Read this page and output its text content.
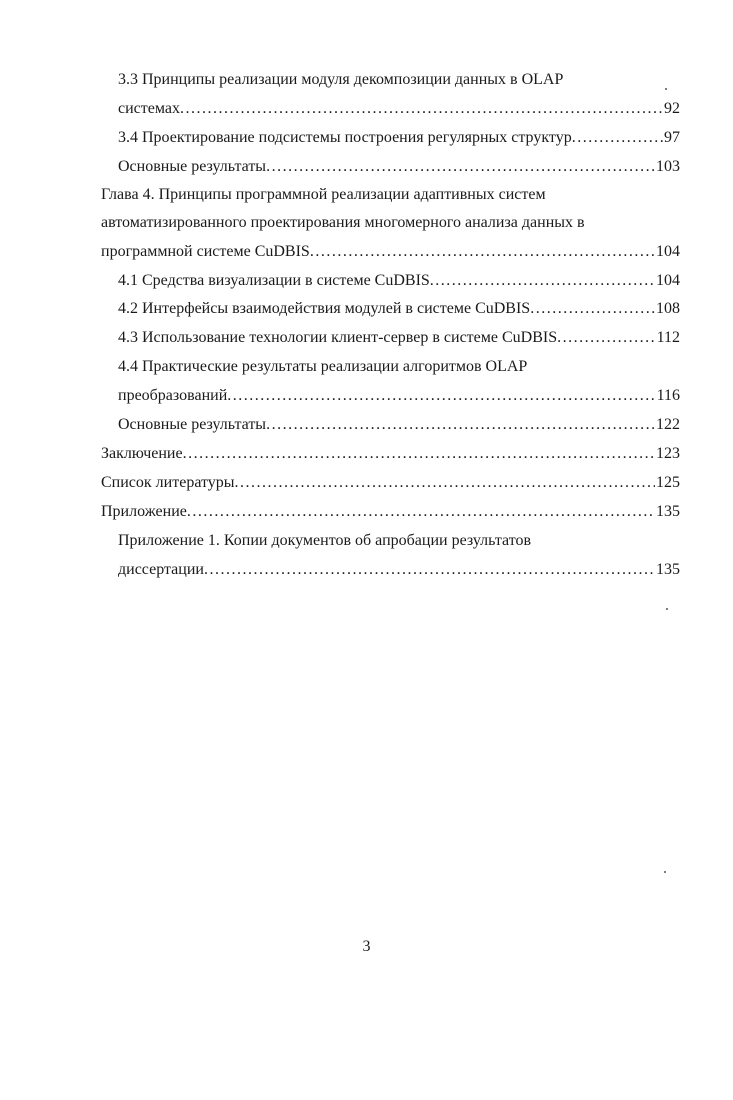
3.3 Принципы реализации модуля декомпозиции данных в OLAP
системах .....	92
3.4 Проектирование подсистемы построения регулярных структур .....	97
Основные результаты .....	103
Глава 4. Принципы программной реализации адаптивных систем
автоматизированного проектирования многомерного анализа данных в
программной системе CuDBIS .....	104
4.1 Средства визуализации в системе CuDBIS .....	104
4.2 Интерфейсы взаимодействия модулей в системе CuDBIS .....	108
4.3 Использование технологии клиент-сервер в системе CuDBIS .....	112
4.4 Практические результаты реализации алгоритмов OLAP
преобразований .....	116
Основные результаты .....	122
Заключение .....	123
Список литературы .....	125
Приложение .....	135
Приложение 1. Копии документов об апробации результатов
диссертации .....	135
3
